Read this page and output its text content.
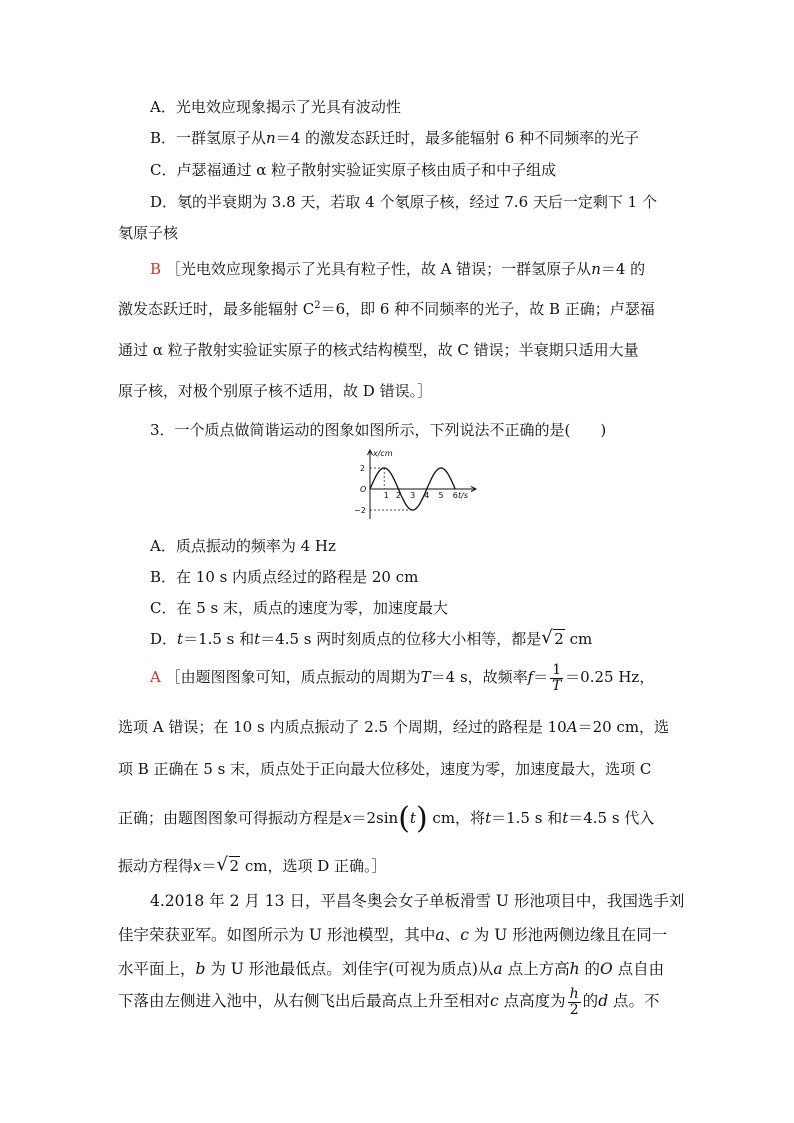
A．光电效应现象揭示了光具有波动性
B．一群氢原子从n＝4 的激发态跃迁时，最多能辐射 6 种不同频率的光子
C．卢瑟福通过 α 粒子散射实验证实原子核由质子和中子组成
D．氡的半衰期为 3.8 天，若取 4 个氡原子核，经过 7.6 天后一定剩下 1 个
氡原子核
B ［光电效应现象揭示了光具有粒子性，故 A 错误；一群氢原子从n＝4 的
激发态跃迁时，最多能辐射 $C^2=6$，即 6 种不同频率的光子，故 B 正确；卢瑟福
通过 α 粒子散射实验证实原子的核式结构模型，故 C 错误；半衰期只适用大量
原子核，对极个别原子核不适用，故 D 错误。］
3．一个质点做简谐运动的图象如图所示，下列说法不正确的是(　　)
x/cm
t/s
O
2
−2
1 2 3 4 5 6
A．质点振动的频率为 4 Hz
B．在 10 s 内质点经过的路程是 20 cm
C．在 5 s 末，质点的速度为零，加速度最大
D．t＝1.5 s 和t＝4.5 s 两时刻质点的位移大小相等，都是 √ 2 cm
A ［由题图图象可知，质点振动的周期为T＝4 s，故频率$f= \frac{1}{T} =0.25$ Hz，
选项 A 错误；在 10 s 内质点振动了 2.5 个周期，经过的路程是 10A＝20 cm，选
项 B 正确在 5 s 末，质点处于正向最大位移处，速度为零，加速度最大，选项 C
正确；由题图图象可得振动方程是x＝2sin(t) cm，将t＝1.5 s 和t＝4.5 s 代入
振动方程得x＝ √ 2 cm，选项 D 正确。］
4.2018 年 2 月 13 日，平昌冬奥会女子单板滑雪 U 形池项目中，我国选手刘
佳宇荣获亚军。如图所示为 U 形池模型，其中a、c 为 U 形池两侧边缘且在同一
水平面上，b 为 U 形池最低点。刘佳宇(可视为质点)从a 点上方高h 的O 点自由
下落由左侧进入池中，从右侧飞出后最高点上升至相对c 点高度为 $\frac{h}{2}$ 的d 点。不
